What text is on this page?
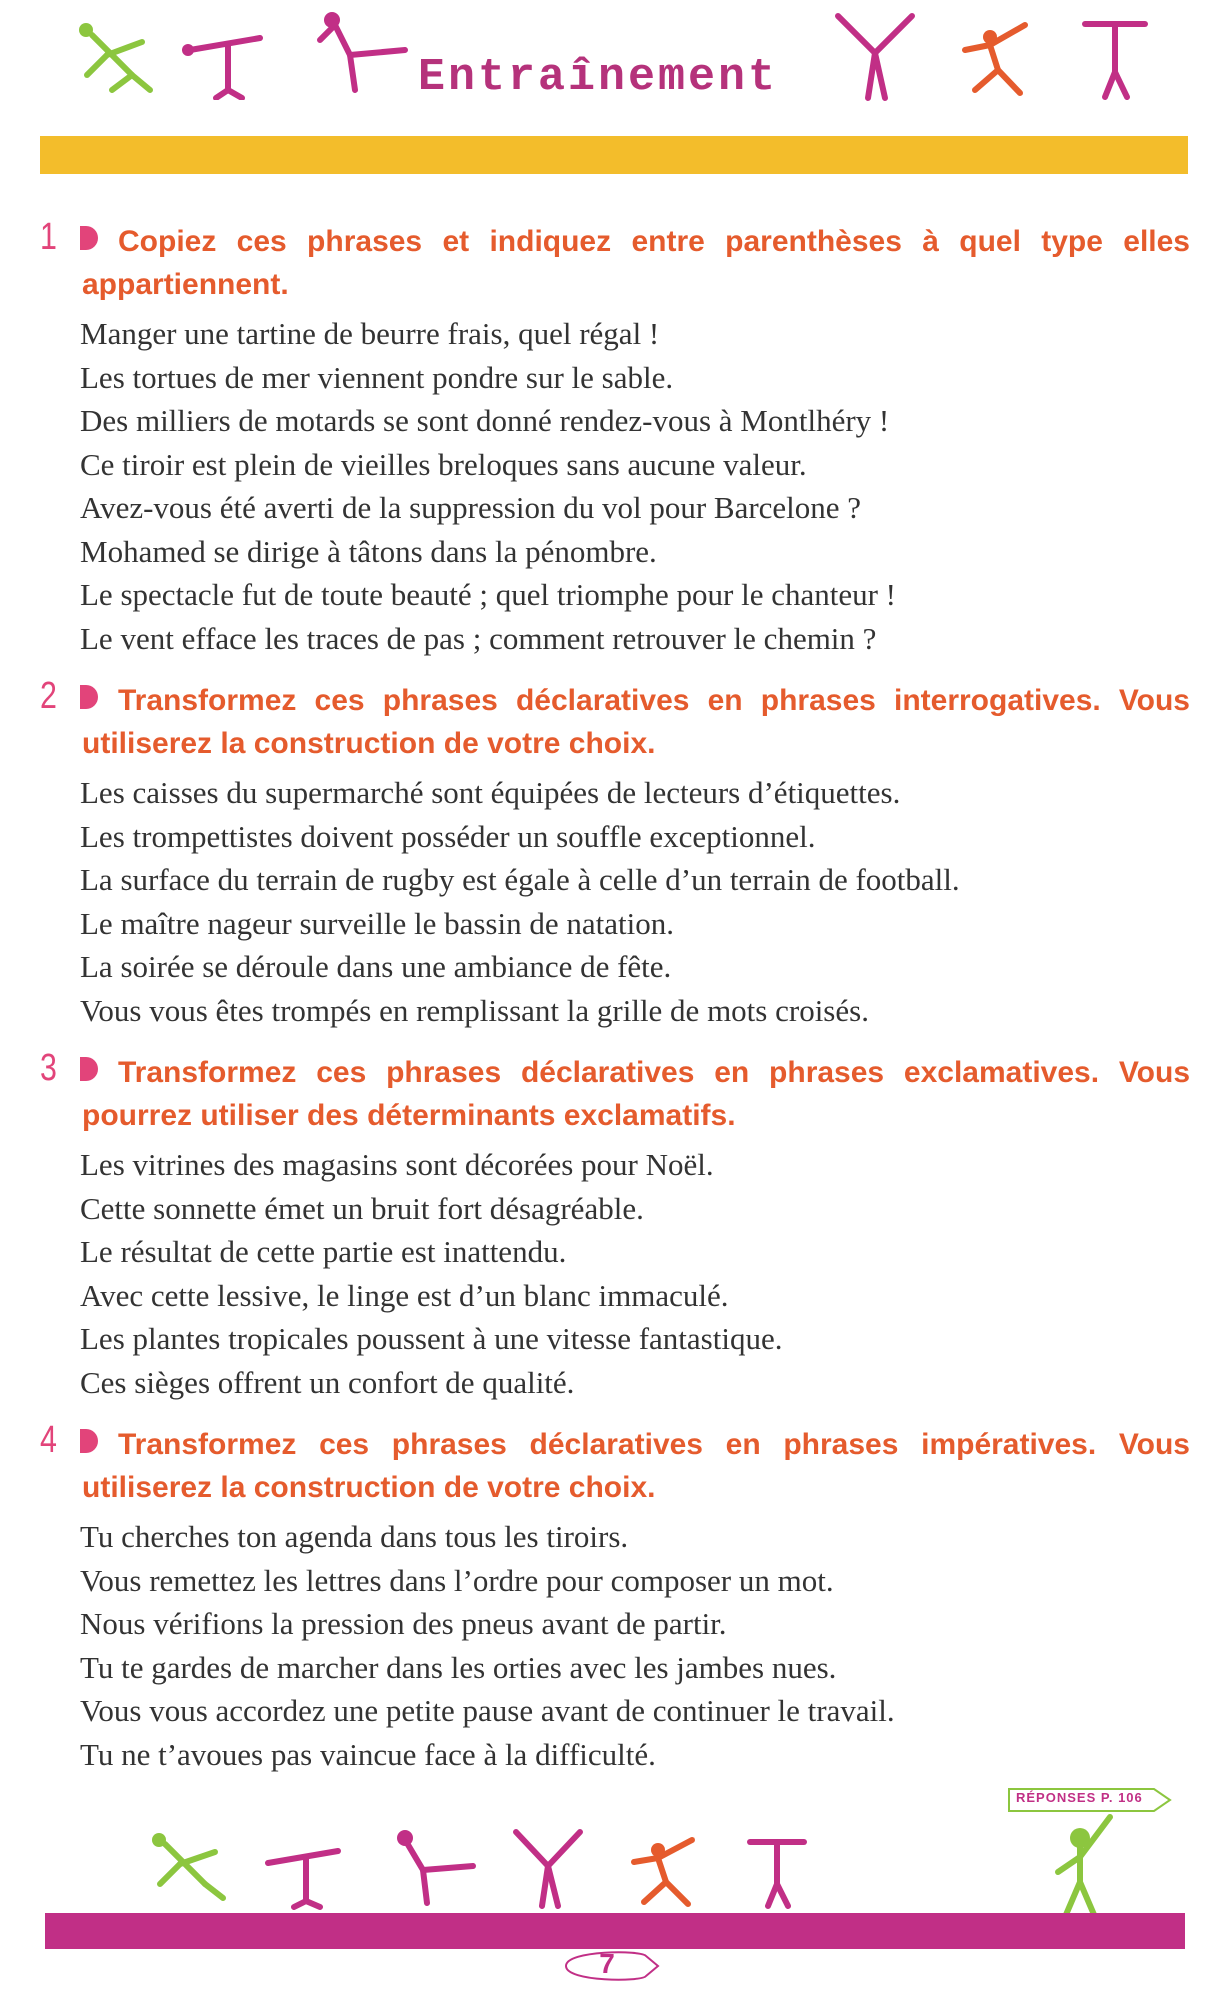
Entraînement
1	Copiez ces phrases et indiquez entre parenthèses à quel type elles appartiennent.
Manger une tartine de beurre frais, quel régal !
Les tortues de mer viennent pondre sur le sable.
Des milliers de motards se sont donné rendez-vous à Montlhéry !
Ce tiroir est plein de vieilles breloques sans aucune valeur.
Avez-vous été averti de la suppression du vol pour Barcelone ?
Mohamed se dirige à tâtons dans la pénombre.
Le spectacle fut de toute beauté ; quel triomphe pour le chanteur !
Le vent efface les traces de pas ; comment retrouver le chemin ?
2	Transformez ces phrases déclaratives en phrases interrogatives. Vous utiliserez la construction de votre choix.
Les caisses du supermarché sont équipées de lecteurs d’étiquettes.
Les trompettistes doivent posséder un souffle exceptionnel.
La surface du terrain de rugby est égale à celle d’un terrain de football.
Le maître nageur surveille le bassin de natation.
La soirée se déroule dans une ambiance de fête.
Vous vous êtes trompés en remplissant la grille de mots croisés.
3	Transformez ces phrases déclaratives en phrases exclamatives. Vous pourrez utiliser des déterminants exclamatifs.
Les vitrines des magasins sont décorées pour Noël.
Cette sonnette émet un bruit fort désagréable.
Le résultat de cette partie est inattendu.
Avec cette lessive, le linge est d’un blanc immaculé.
Les plantes tropicales poussent à une vitesse fantastique.
Ces sièges offrent un confort de qualité.
4	Transformez ces phrases déclaratives en phrases impératives. Vous utiliserez la construction de votre choix.
Tu cherches ton agenda dans tous les tiroirs.
Vous remettez les lettres dans l’ordre pour composer un mot.
Nous vérifions la pression des pneus avant de partir.
Tu te gardes de marcher dans les orties avec les jambes nues.
Vous vous accordez une petite pause avant de continuer le travail.
Tu ne t’avoues pas vaincue face à la difficulté.
RÉPONSES P. 106
7
